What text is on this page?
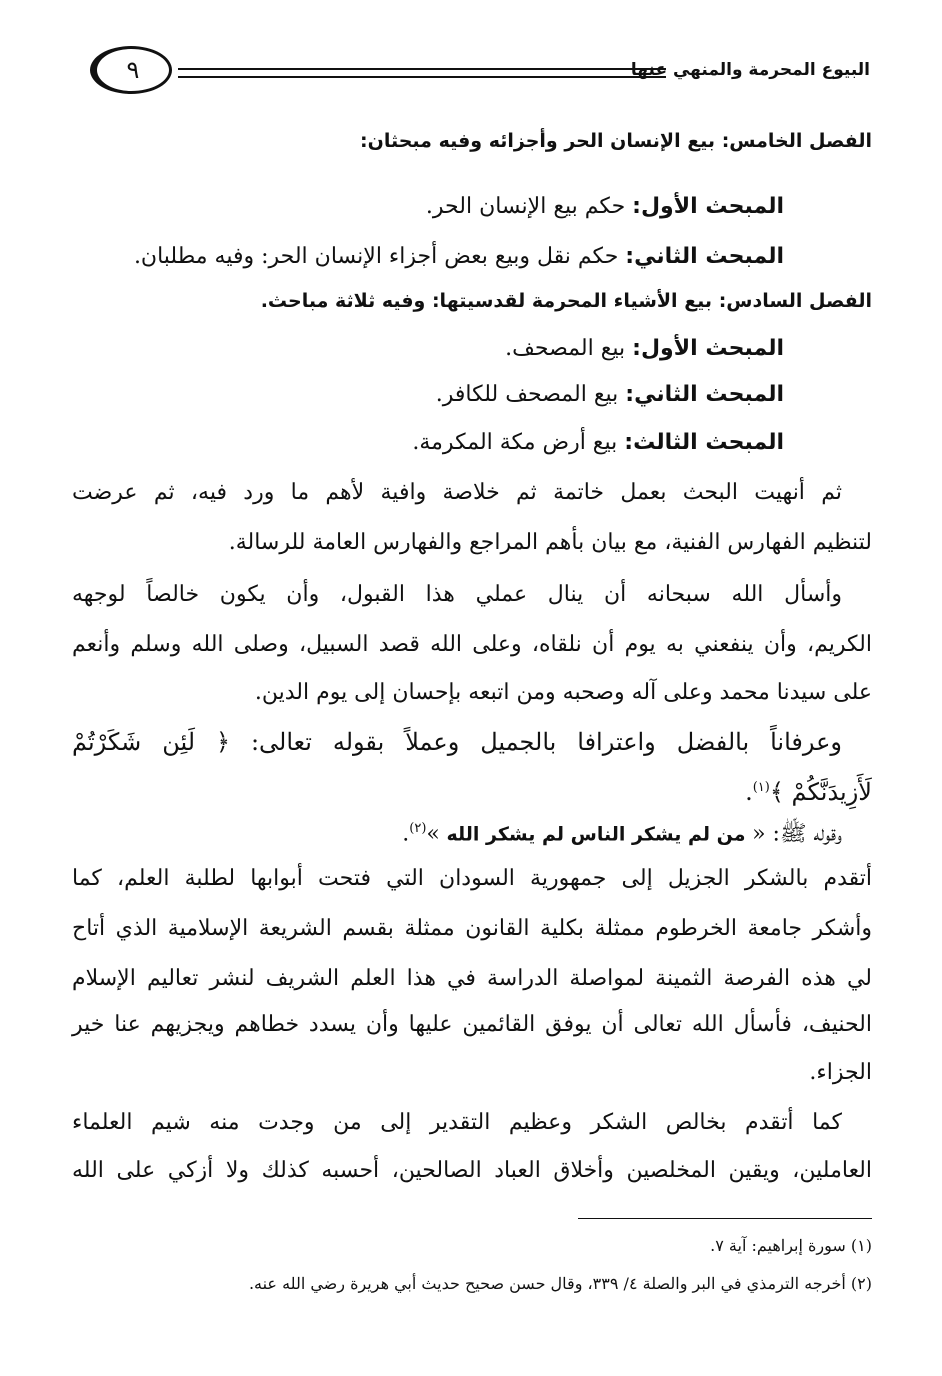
البيوع المحرمة والمنهي عنها
٩
الفصل الخامس: بيع الإنسان الحر وأجزائه وفيه مبحثان:
المبحث الأول: حكم بيع الإنسان الحر.
المبحث الثاني: حكم نقل وبيع بعض أجزاء الإنسان الحر: وفيه مطلبان.
الفصل السادس: بيع الأشياء المحرمة لقدسيتها: وفيه ثلاثة مباحث.
المبحث الأول: بيع المصحف.
المبحث الثاني: بيع المصحف للكافر.
المبحث الثالث: بيع أرض مكة المكرمة.
ثم أنهيت البحث بعمل خاتمة ثم خلاصة وافية لأهم ما ورد فيه، ثم عرضت
لتنظيم الفهارس الفنية، مع بيان بأهم المراجع والفهارس العامة للرسالة.
وأسأل الله سبحانه أن ينال عملي هذا القبول، وأن يكون خالصاً لوجهه
الكريم، وأن ينفعني به يوم أن نلقاه، وعلى الله قصد السبيل، وصلى الله وسلم وأنعم
على سيدنا محمد وعلى آله وصحبه ومن اتبعه بإحسان إلى يوم الدين.
وعرفاناً بالفضل واعترافا بالجميل وعملاً بقوله تعالى: ﴿ لَئِن شَكَرْتُمْ
لَأَزِيدَنَّكُمْ ﴾$^{(١)}$.
وقوله ﷺ: « من لم يشكر الناس لم يشكر الله »$^{(٢)}$.
أتقدم بالشكر الجزيل إلى جمهورية السودان التي فتحت أبوابها لطلبة العلم، كما
وأشكر جامعة الخرطوم ممثلة بكلية القانون ممثلة بقسم الشريعة الإسلامية الذي أتاح
لي هذه الفرصة الثمينة لمواصلة الدراسة في هذا العلم الشريف لنشر تعاليم الإسلام
الحنيف، فأسأل الله تعالى أن يوفق القائمين عليها وأن يسدد خطاهم ويجزيهم عنا خير
الجزاء.
كما أتقدم بخالص الشكر وعظيم التقدير إلى من وجدت منه شيم العلماء
العاملين، ويقين المخلصين وأخلاق العباد الصالحين، أحسبه كذلك ولا أزكي على الله
(١) سورة إبراهيم: آية ٧.
(٢) أخرجه الترمذي في البر والصلة ٤/ ٣٣٩، وقال حسن صحيح حديث أبي هريرة رضي الله عنه.
